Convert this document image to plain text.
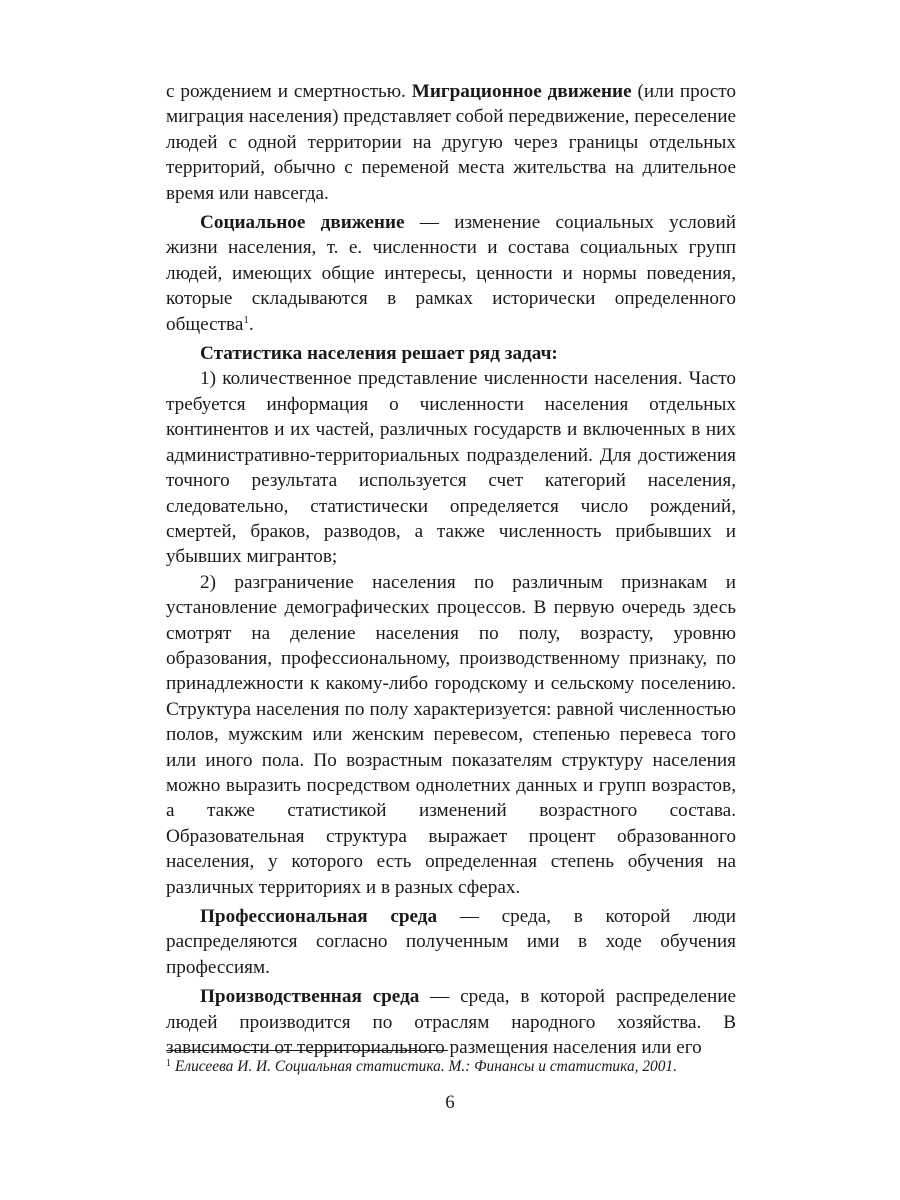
с рождением и смертностью. Миграционное движение (или просто миграция населения) представляет собой передвижение, переселение людей с одной территории на другую через границы отдельных территорий, обычно с переменой места жительства на длительное время или навсегда.

Социальное движение — изменение социальных условий жизни населения, т. е. численности и состава социальных групп людей, имеющих общие интересы, ценности и нормы поведения, которые складываются в рамках исторически определенного общества$^1$.

Статистика населения решает ряд задач:

1) количественное представление численности населения. Часто требуется информация о численности населения отдельных континентов и их частей, различных государств и включенных в них административно-территориальных подразделений. Для достижения точного результата используется счет категорий населения, следовательно, статистически определяется число рождений, смертей, браков, разводов, а также численность прибывших и убывших мигрантов;

2) разграничение населения по различным признакам и установление демографических процессов. В первую очередь здесь смотрят на деление населения по полу, возрасту, уровню образования, профессиональному, производственному признаку, по принадлежности к какому-либо городскому и сельскому поселению. Структура населения по полу характеризуется: равной численностью полов, мужским или женским перевесом, степенью перевеса того или иного пола. По возрастным показателям структуру населения можно выразить посредством однолетних данных и групп возрастов, а также статистикой изменений возрастного состава. Образовательная структура выражает процент образованного населения, у которого есть определенная степень обучения на различных территориях и в разных сферах.

Профессиональная среда — среда, в которой люди распределяются согласно полученным ими в ходе обучения профессиям.

Производственная среда — среда, в которой распределение людей производится по отраслям народного хозяйства. В зависимости от территориального размещения населения или его

$^1$ Елисеева И. И. Социальная статистика. М.: Финансы и статистика, 2001.
6
